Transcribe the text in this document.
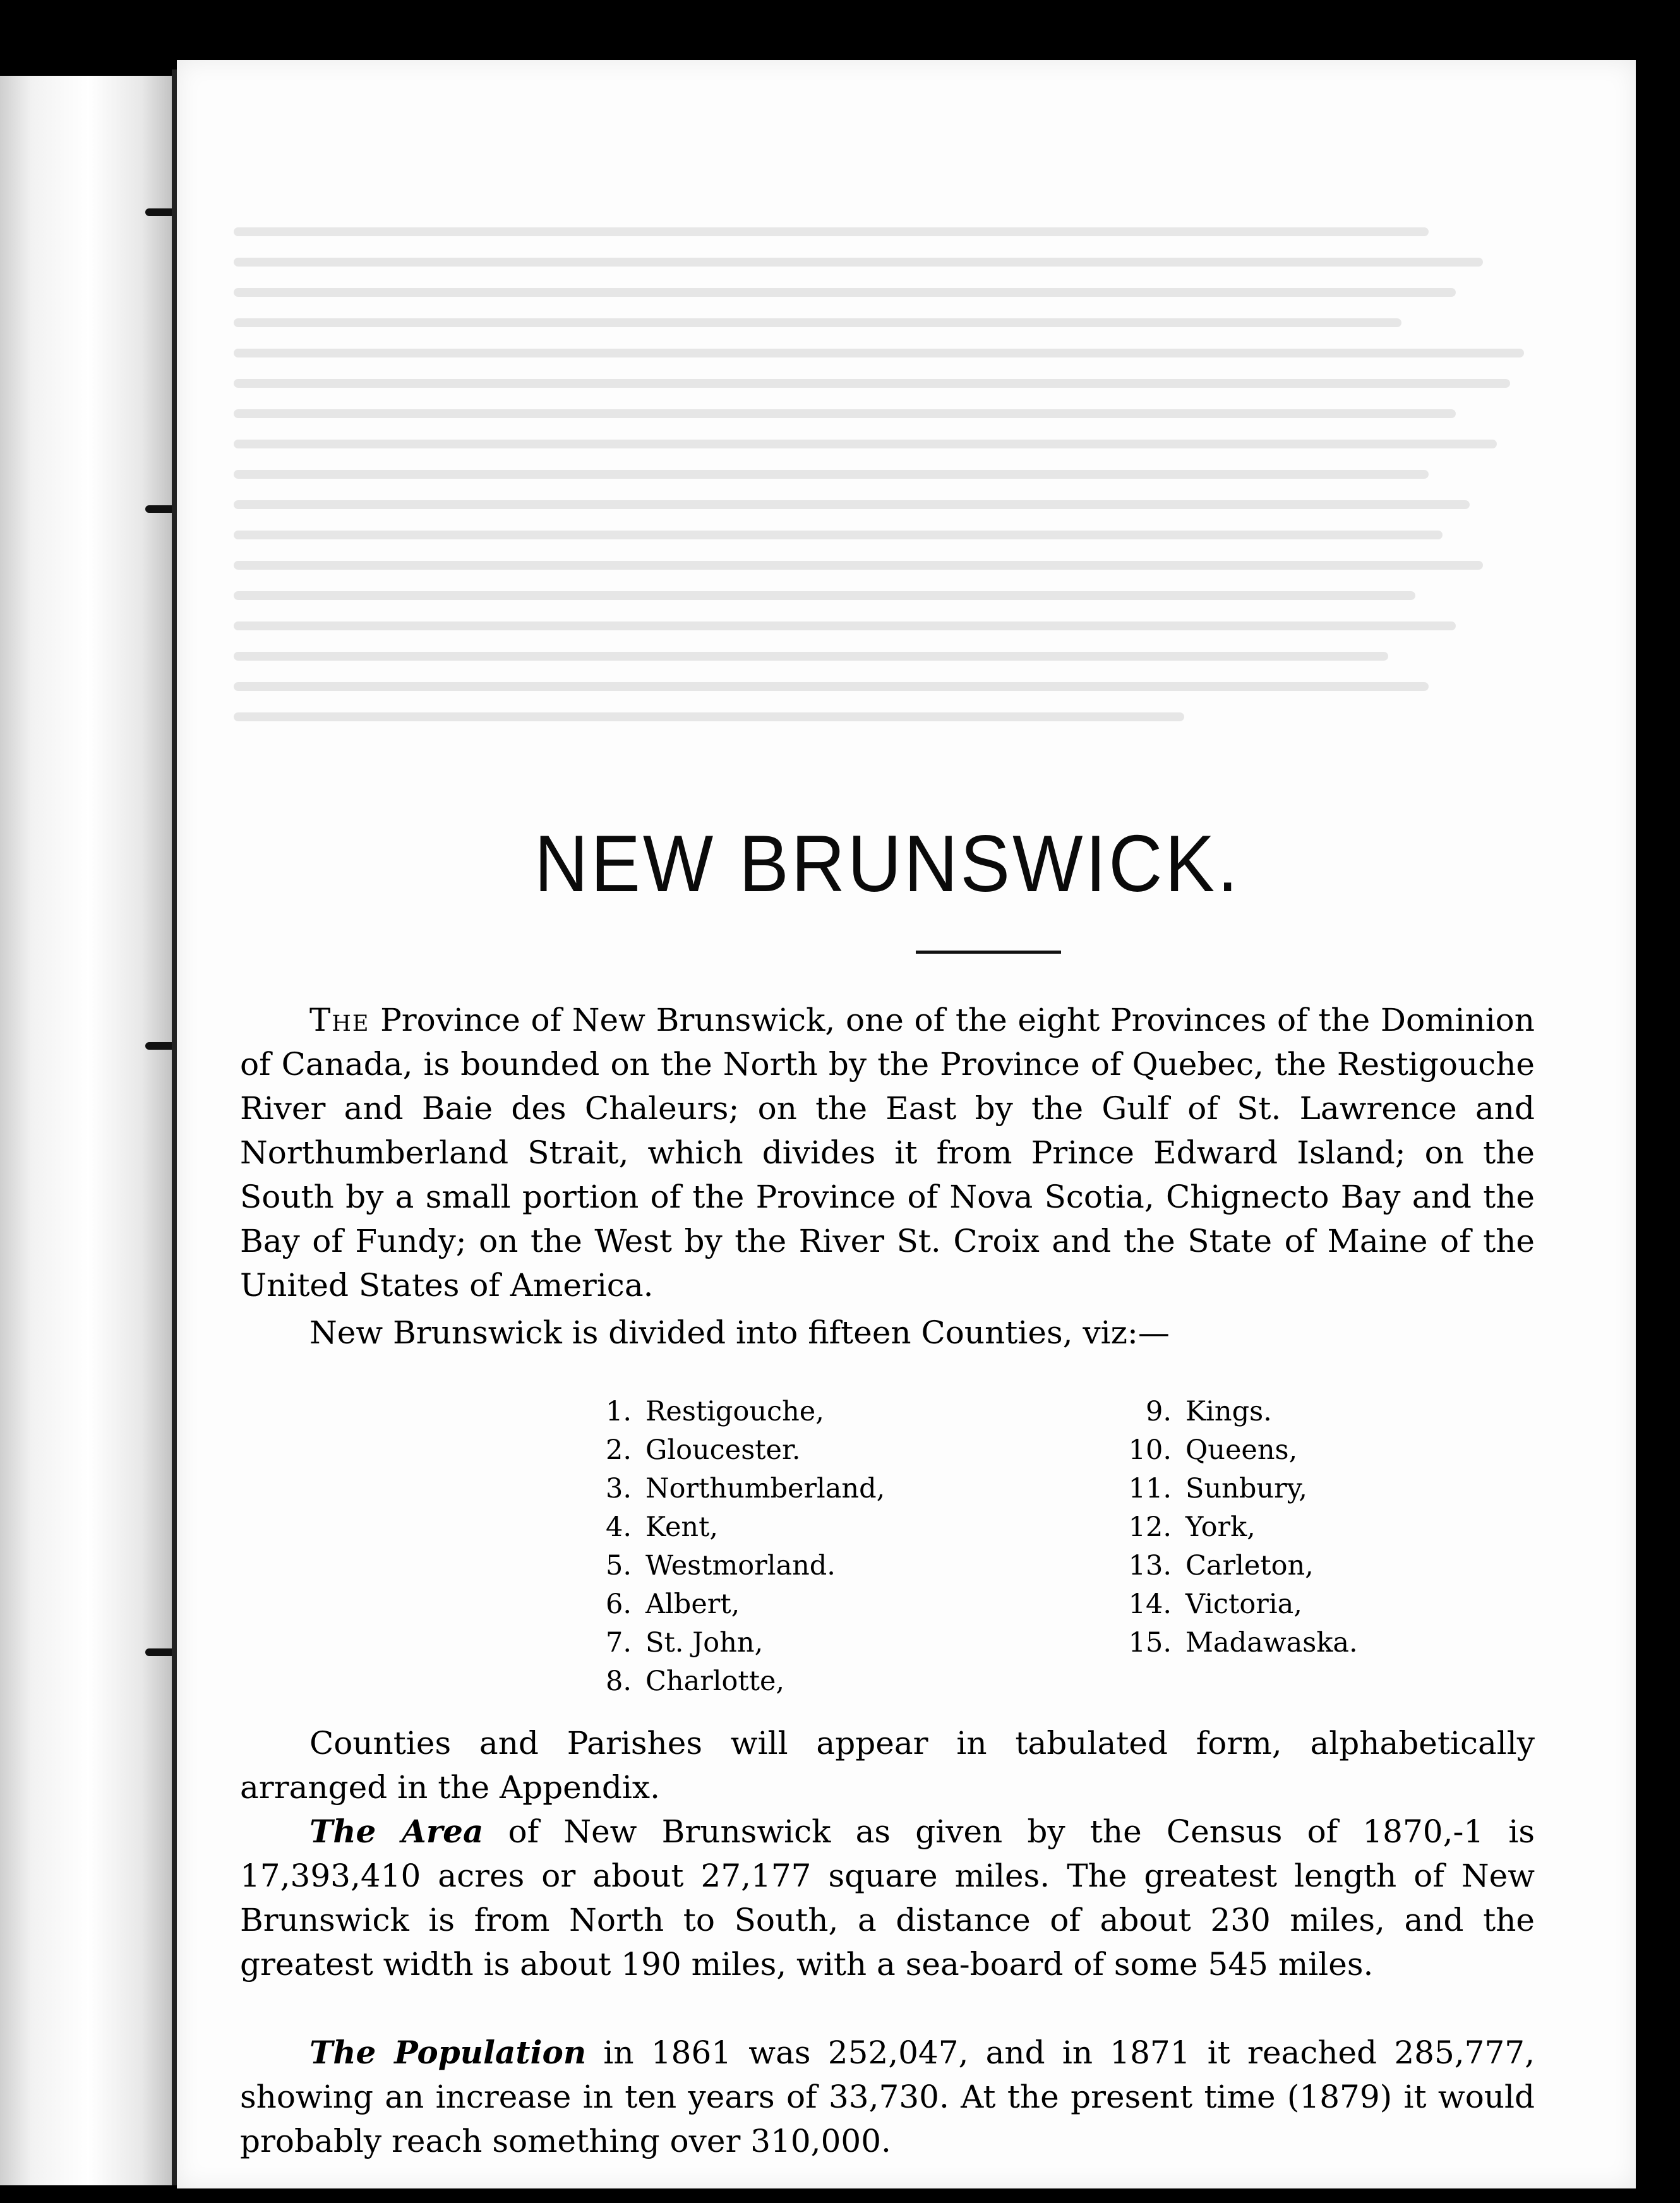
NEW BRUNSWICK.

The Province of New Brunswick, one of the eight Provinces of the Dominion of Canada, is bounded on the North by the Province of Quebec, the Restigouche River and Baie des Chaleurs; on the East by the Gulf of St. Lawrence and Northumberland Strait, which divides it from Prince Edward Island; on the South by a small portion of the Province of Nova Scotia, Chignecto Bay and the Bay of Fundy; on the West by the River St. Croix and the State of Maine of the United States of America.

New Brunswick is divided into fifteen Counties, viz:—

1. Restigouche,
2. Gloucester.
3. Northumberland,
4. Kent,
5. Westmorland.
6. Albert,
7. St. John,
8. Charlotte,
9. Kings.
10. Queens,
11. Sunbury,
12. York,
13. Carleton,
14. Victoria,
15. Madawaska.

Counties and Parishes will appear in tabulated form, alphabetically arranged in the Appendix.

The Area of New Brunswick as given by the Census of 1870,-1 is 17,393,410 acres or about 27,177 square miles. The greatest length of New Brunswick is from North to South, a distance of about 230 miles, and the greatest width is about 190 miles, with a sea-board of some 545 miles.

The Population in 1861 was 252,047, and in 1871 it reached 285,777, showing an increase in ten years of 33,730. At the present time (1879) it would probably reach something over 310,000.
